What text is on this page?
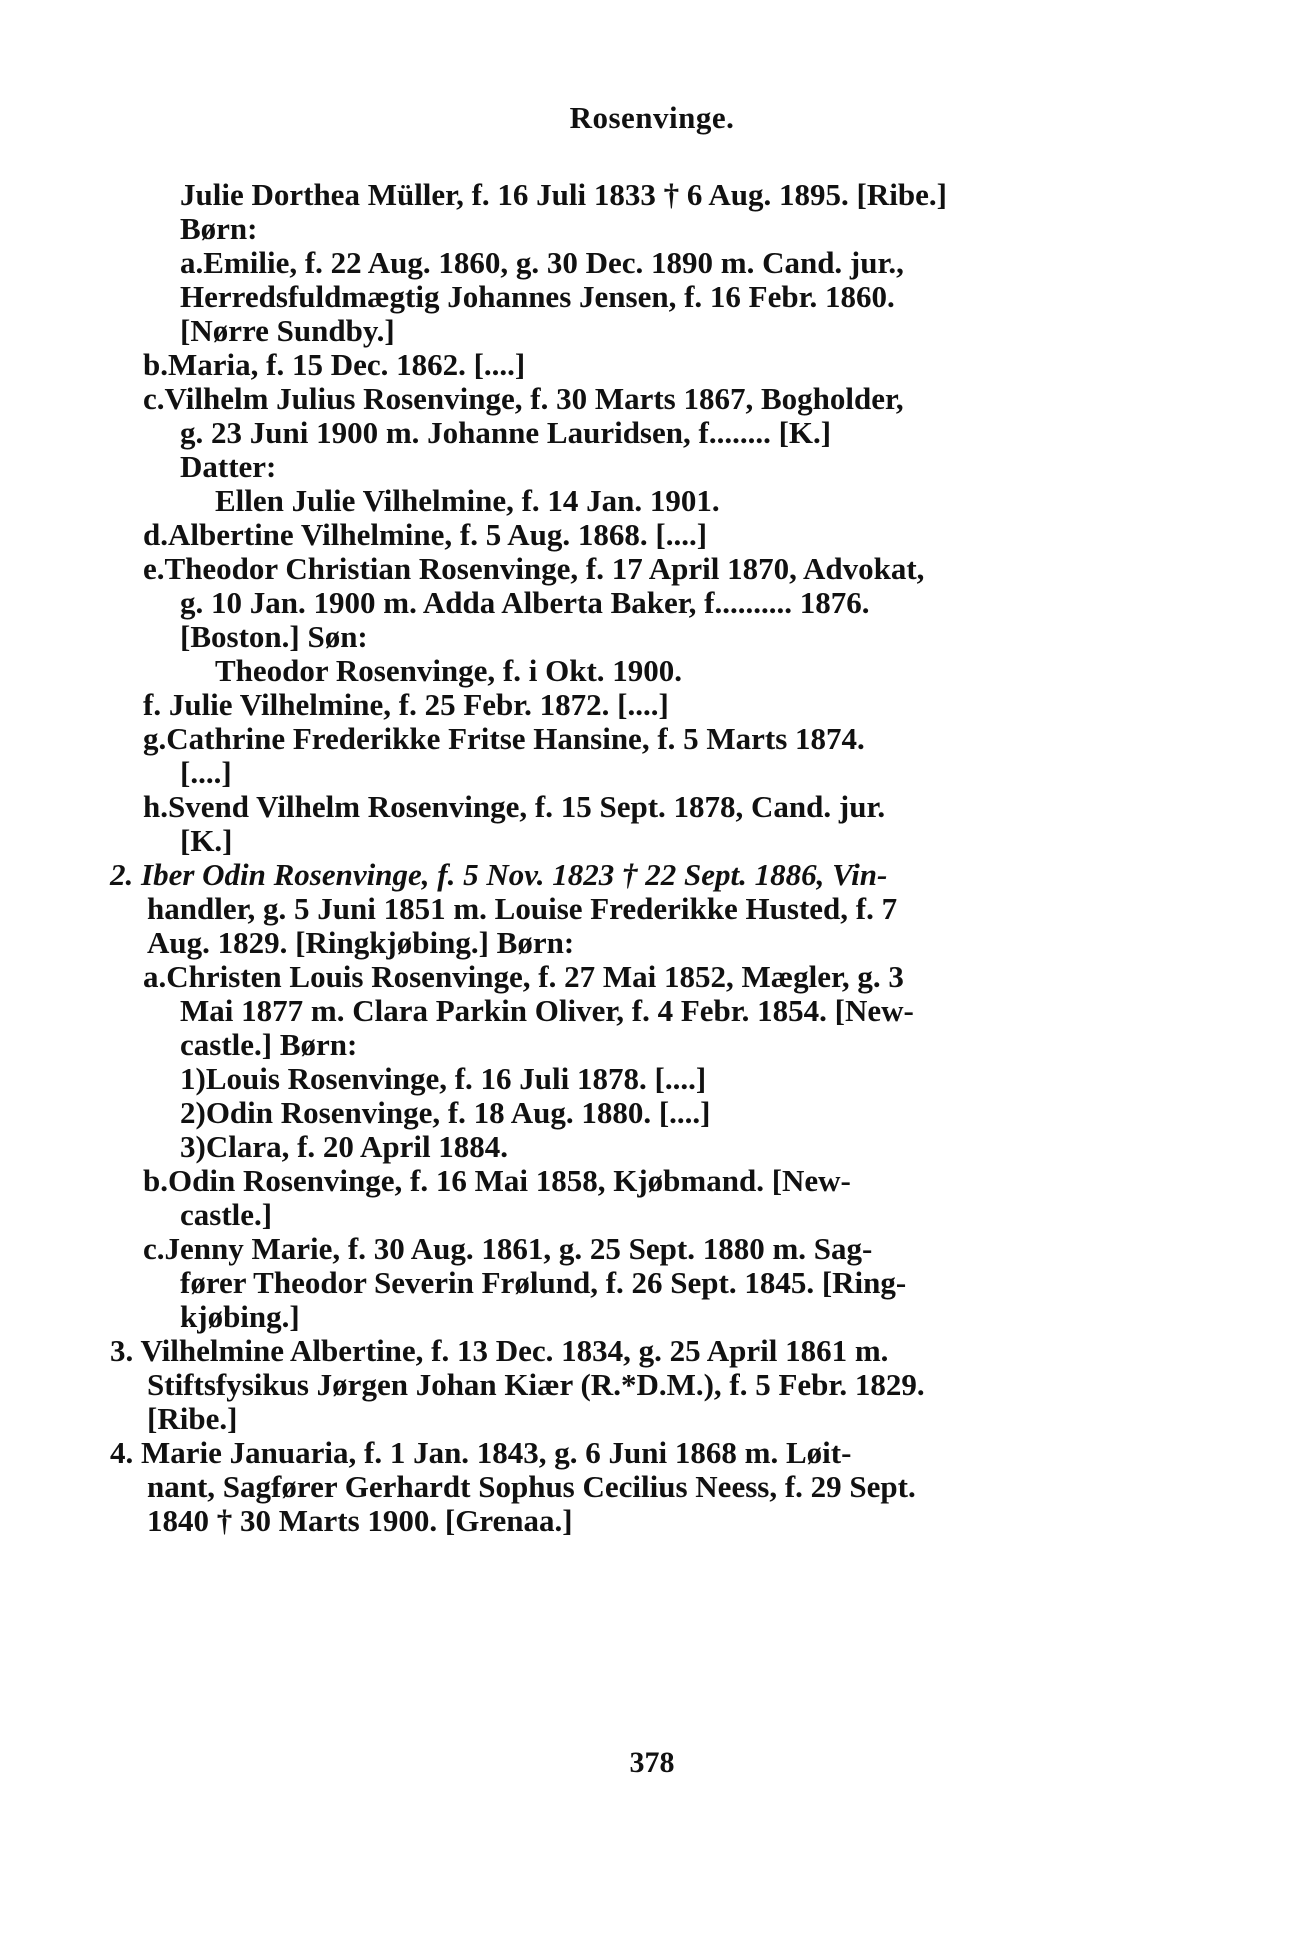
Rosenvinge.
Julie Dorthea Müller, f. 16 Juli 1833 † 6 Aug. 1895. [Ribe.]
Børn:
a.Emilie, f. 22 Aug. 1860, g. 30 Dec. 1890 m. Cand. jur.,
Herredsfuldmægtig Johannes Jensen, f. 16 Febr. 1860.
[Nørre Sundby.]
b.Maria, f. 15 Dec. 1862. [....]
c.Vilhelm Julius Rosenvinge, f. 30 Marts 1867, Bogholder,
g. 23 Juni 1900 m. Johanne Lauridsen, f........ [K.]
Datter:
Ellen Julie Vilhelmine, f. 14 Jan. 1901.
d.Albertine Vilhelmine, f. 5 Aug. 1868. [....]
e.Theodor Christian Rosenvinge, f. 17 April 1870, Advokat,
g. 10 Jan. 1900 m. Adda Alberta Baker, f.......... 1876.
[Boston.] Søn:
Theodor Rosenvinge, f. i Okt. 1900.
f. Julie Vilhelmine, f. 25 Febr. 1872. [....]
g.Cathrine Frederikke Fritse Hansine, f. 5 Marts 1874.
[....]
h.Svend Vilhelm Rosenvinge, f. 15 Sept. 1878, Cand. jur.
[K.]
2. Iber Odin Rosenvinge, f. 5 Nov. 1823 † 22 Sept. 1886, Vin-
handler, g. 5 Juni 1851 m. Louise Frederikke Husted, f. 7
Aug. 1829. [Ringkjøbing.] Børn:
a.Christen Louis Rosenvinge, f. 27 Mai 1852, Mægler, g. 3
Mai 1877 m. Clara Parkin Oliver, f. 4 Febr. 1854. [New-
castle.] Børn:
1)Louis Rosenvinge, f. 16 Juli 1878. [....]
2)Odin Rosenvinge, f. 18 Aug. 1880. [....]
3)Clara, f. 20 April 1884.
b.Odin Rosenvinge, f. 16 Mai 1858, Kjøbmand. [New-
castle.]
c.Jenny Marie, f. 30 Aug. 1861, g. 25 Sept. 1880 m. Sag-
fører Theodor Severin Frølund, f. 26 Sept. 1845. [Ring-
kjøbing.]
3. Vilhelmine Albertine, f. 13 Dec. 1834, g. 25 April 1861 m.
Stiftsfysikus Jørgen Johan Kiær (R.*D.M.), f. 5 Febr. 1829.
[Ribe.]
4. Marie Januaria, f. 1 Jan. 1843, g. 6 Juni 1868 m. Løit-
nant, Sagfører Gerhardt Sophus Cecilius Neess, f. 29 Sept.
1840 † 30 Marts 1900. [Grenaa.]
378
